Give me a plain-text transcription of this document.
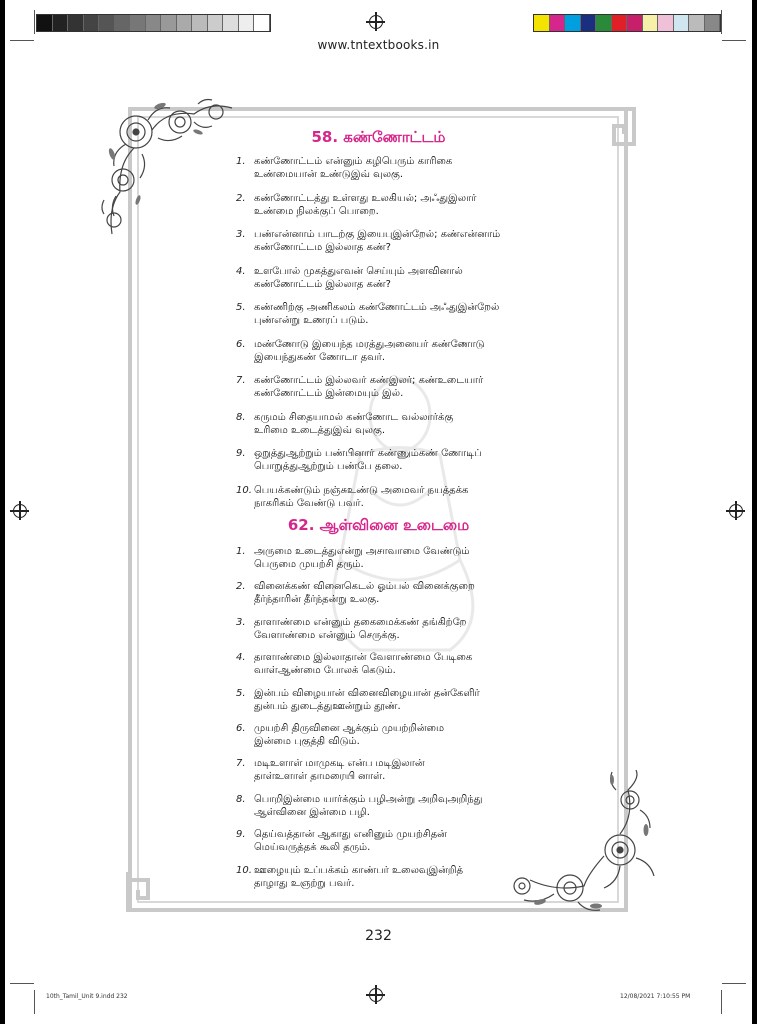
www.tntextbooks.in
58. கண்ணோட்டம்
1. கண்ணோட்டம் என்னும் கழிபெரும் காரிகை
உண்மையான் உண்டுஇவ் வுலகு.
2. கண்ணோட்டத்து உள்ளது உலகியல்; அஃதுஇலார்
உண்மை நிலக்குப் பொறை.
3. பண்என்னாம் பாடற்கு இயைபுஇன்றேல்; கண்என்னாம்
கண்ணோட்டம இல்லாத கண்?
4. உளபோல் முகத்துஎவன் செய்யும் அளவினால்
கண்ணோட்டம் இல்லாத கண்?
5. கண்ணிற்கு அணிகலம் கண்ணோட்டம் அஃதுஇன்றேல்
புண்என்று உணரப் படும்.
6. மண்ணோடு இயைந்த மரத்துஅனையர் கண்ணோடு
இயைந்துகண் ணோடா தவர்.
7. கண்ணோட்டம் இல்லவர் கண்இலர்; கண்உடையார்
கண்ணோட்டம் இன்மையும் இல்.
8. கருமம் சிதையாமல் கண்ணோட வல்லார்க்கு
உரிமை உடைத்துஇவ் வுலகு.
9. ஒறுத்துஆற்றும் பண்பினார் கண்ணும்கண் ணோடிப்
பொறுத்துஆற்றும் பண்பே தலை.
10. பெயக்கண்டும் நஞ்சுஉண்டு அமைவர் நயத்தக்க
நாகரிகம் வேண்டு பவர்.
62. ஆள்வினை உடைமை
1. அருமை உடைத்துஎன்று அசாவாமை வேண்டும்
பெருமை முயற்சி தரும்.
2. வினைக்கண் வினைகெடல் ஓம்பல் வினைக்குறை
தீர்ந்தாரின் தீர்ந்தன்று உலகு.
3. தாளாண்மை என்னும் தகைமைக்கண் தங்கிற்றே
வேளாண்மை என்னும் செருக்கு.
4. தாளாண்மை இல்லாதான் வேளாண்மை பேடிகை
வாள்ஆண்மை போலக் கெடும்.
5. இன்பம் விழையான் வினைவிழையான் தன்கேளிர்
துன்பம் துடைத்துஊன்றும் தூண்.
6. முயற்சி திருவினை ஆக்கும் முயற்றின்மை
இன்மை புகுத்தி விடும்.
7. மடிஉளாள் மாமுகடி என்ப மடிஇலான்
தாள்உளாள் தாமரையி னாள்.
8. பொறிஇன்மை யார்க்கும் பழிஅன்று அறிவுஅறிந்து
ஆள்வினை இன்மை பழி.
9. தெய்வத்தான் ஆகாது எனினும் முயற்சிதன்
மெய்வருத்தக் கூலி தரும்.
10. ஊழையும் உப்பக்கம் காண்பர் உலைவுஇன்றித்
தாழாது உஞற்று பவர்.
232
10th_Tamil_Unit 9.indd 232	12/08/2021 7:10:55 PM
